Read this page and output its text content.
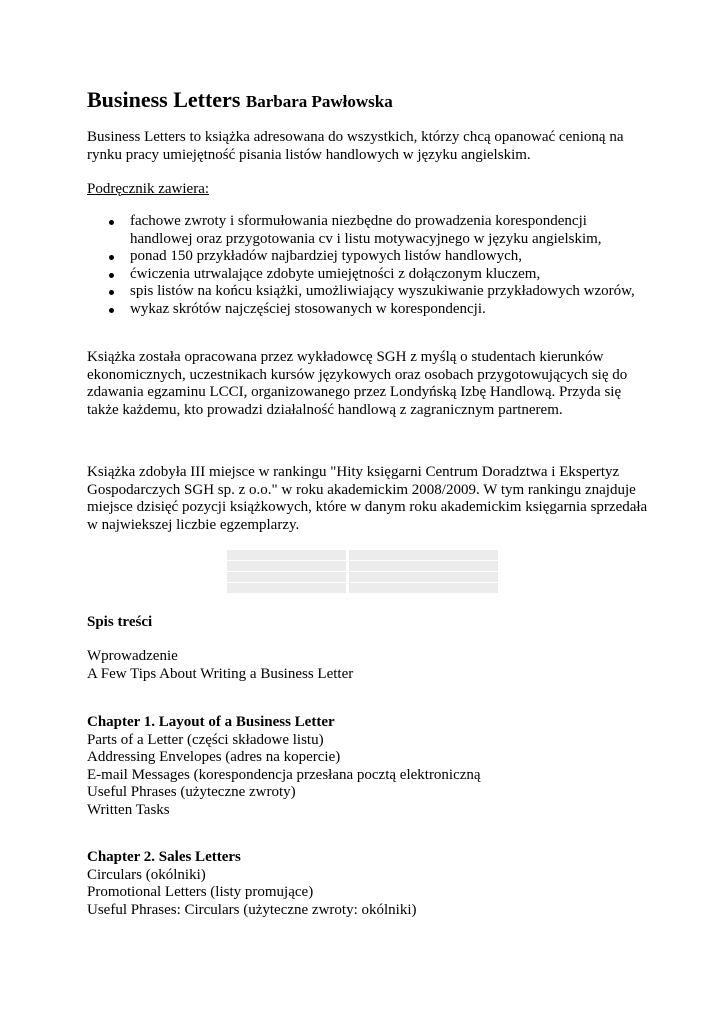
Business Letters Barbara Pawłowska

Business Letters to książka adresowana do wszystkich, którzy chcą opanować cenioną na
rynku pracy umiejętność pisania listów handlowych w języku angielskim.

Podręcznik zawiera:

fachowe zwroty i sformułowania niezbędne do prowadzenia korespondencji
handlowej oraz przygotowania cv i listu motywacyjnego w języku angielskim,
ponad 150 przykładów najbardziej typowych listów handlowych,
ćwiczenia utrwalające zdobyte umiejętności z dołączonym kluczem,
spis listów na końcu książki, umożliwiający wyszukiwanie przykładowych wzorów,
wykaz skrótów najczęściej stosowanych w korespondencji.

Książka została opracowana przez wykładowcę SGH z myślą o studentach kierunków
ekonomicznych, uczestnikach kursów językowych oraz osobach przygotowujących się do
zdawania egzaminu LCCI, organizowanego przez Londyńską Izbę Handlową. Przyda się
także każdemu, kto prowadzi działalność handlową z zagranicznym partnerem.

Książka zdobyła III miejsce w rankingu "Hity księgarni Centrum Doradztwa i Ekspertyz
Gospodarczych SGH sp. z o.o." w roku akademickim 2008/2009. W tym rankingu znajduje
miejsce dzisięć pozycji książkowych, które w danym roku akademickim księgarnia sprzedała
w najwiekszej liczbie egzemplarzy.

Spis treści

Wprowadzenie
A Few Tips About Writing a Business Letter

Chapter 1. Layout of a Business Letter
Parts of a Letter (części składowe listu)
Addressing Envelopes (adres na kopercie)
E-mail Messages (korespondencja przesłana pocztą elektroniczną
Useful Phrases (użyteczne zwroty)
Written Tasks

Chapter 2. Sales Letters
Circulars (okólniki)
Promotional Letters (listy promujące)
Useful Phrases: Circulars (użyteczne zwroty: okólniki)
